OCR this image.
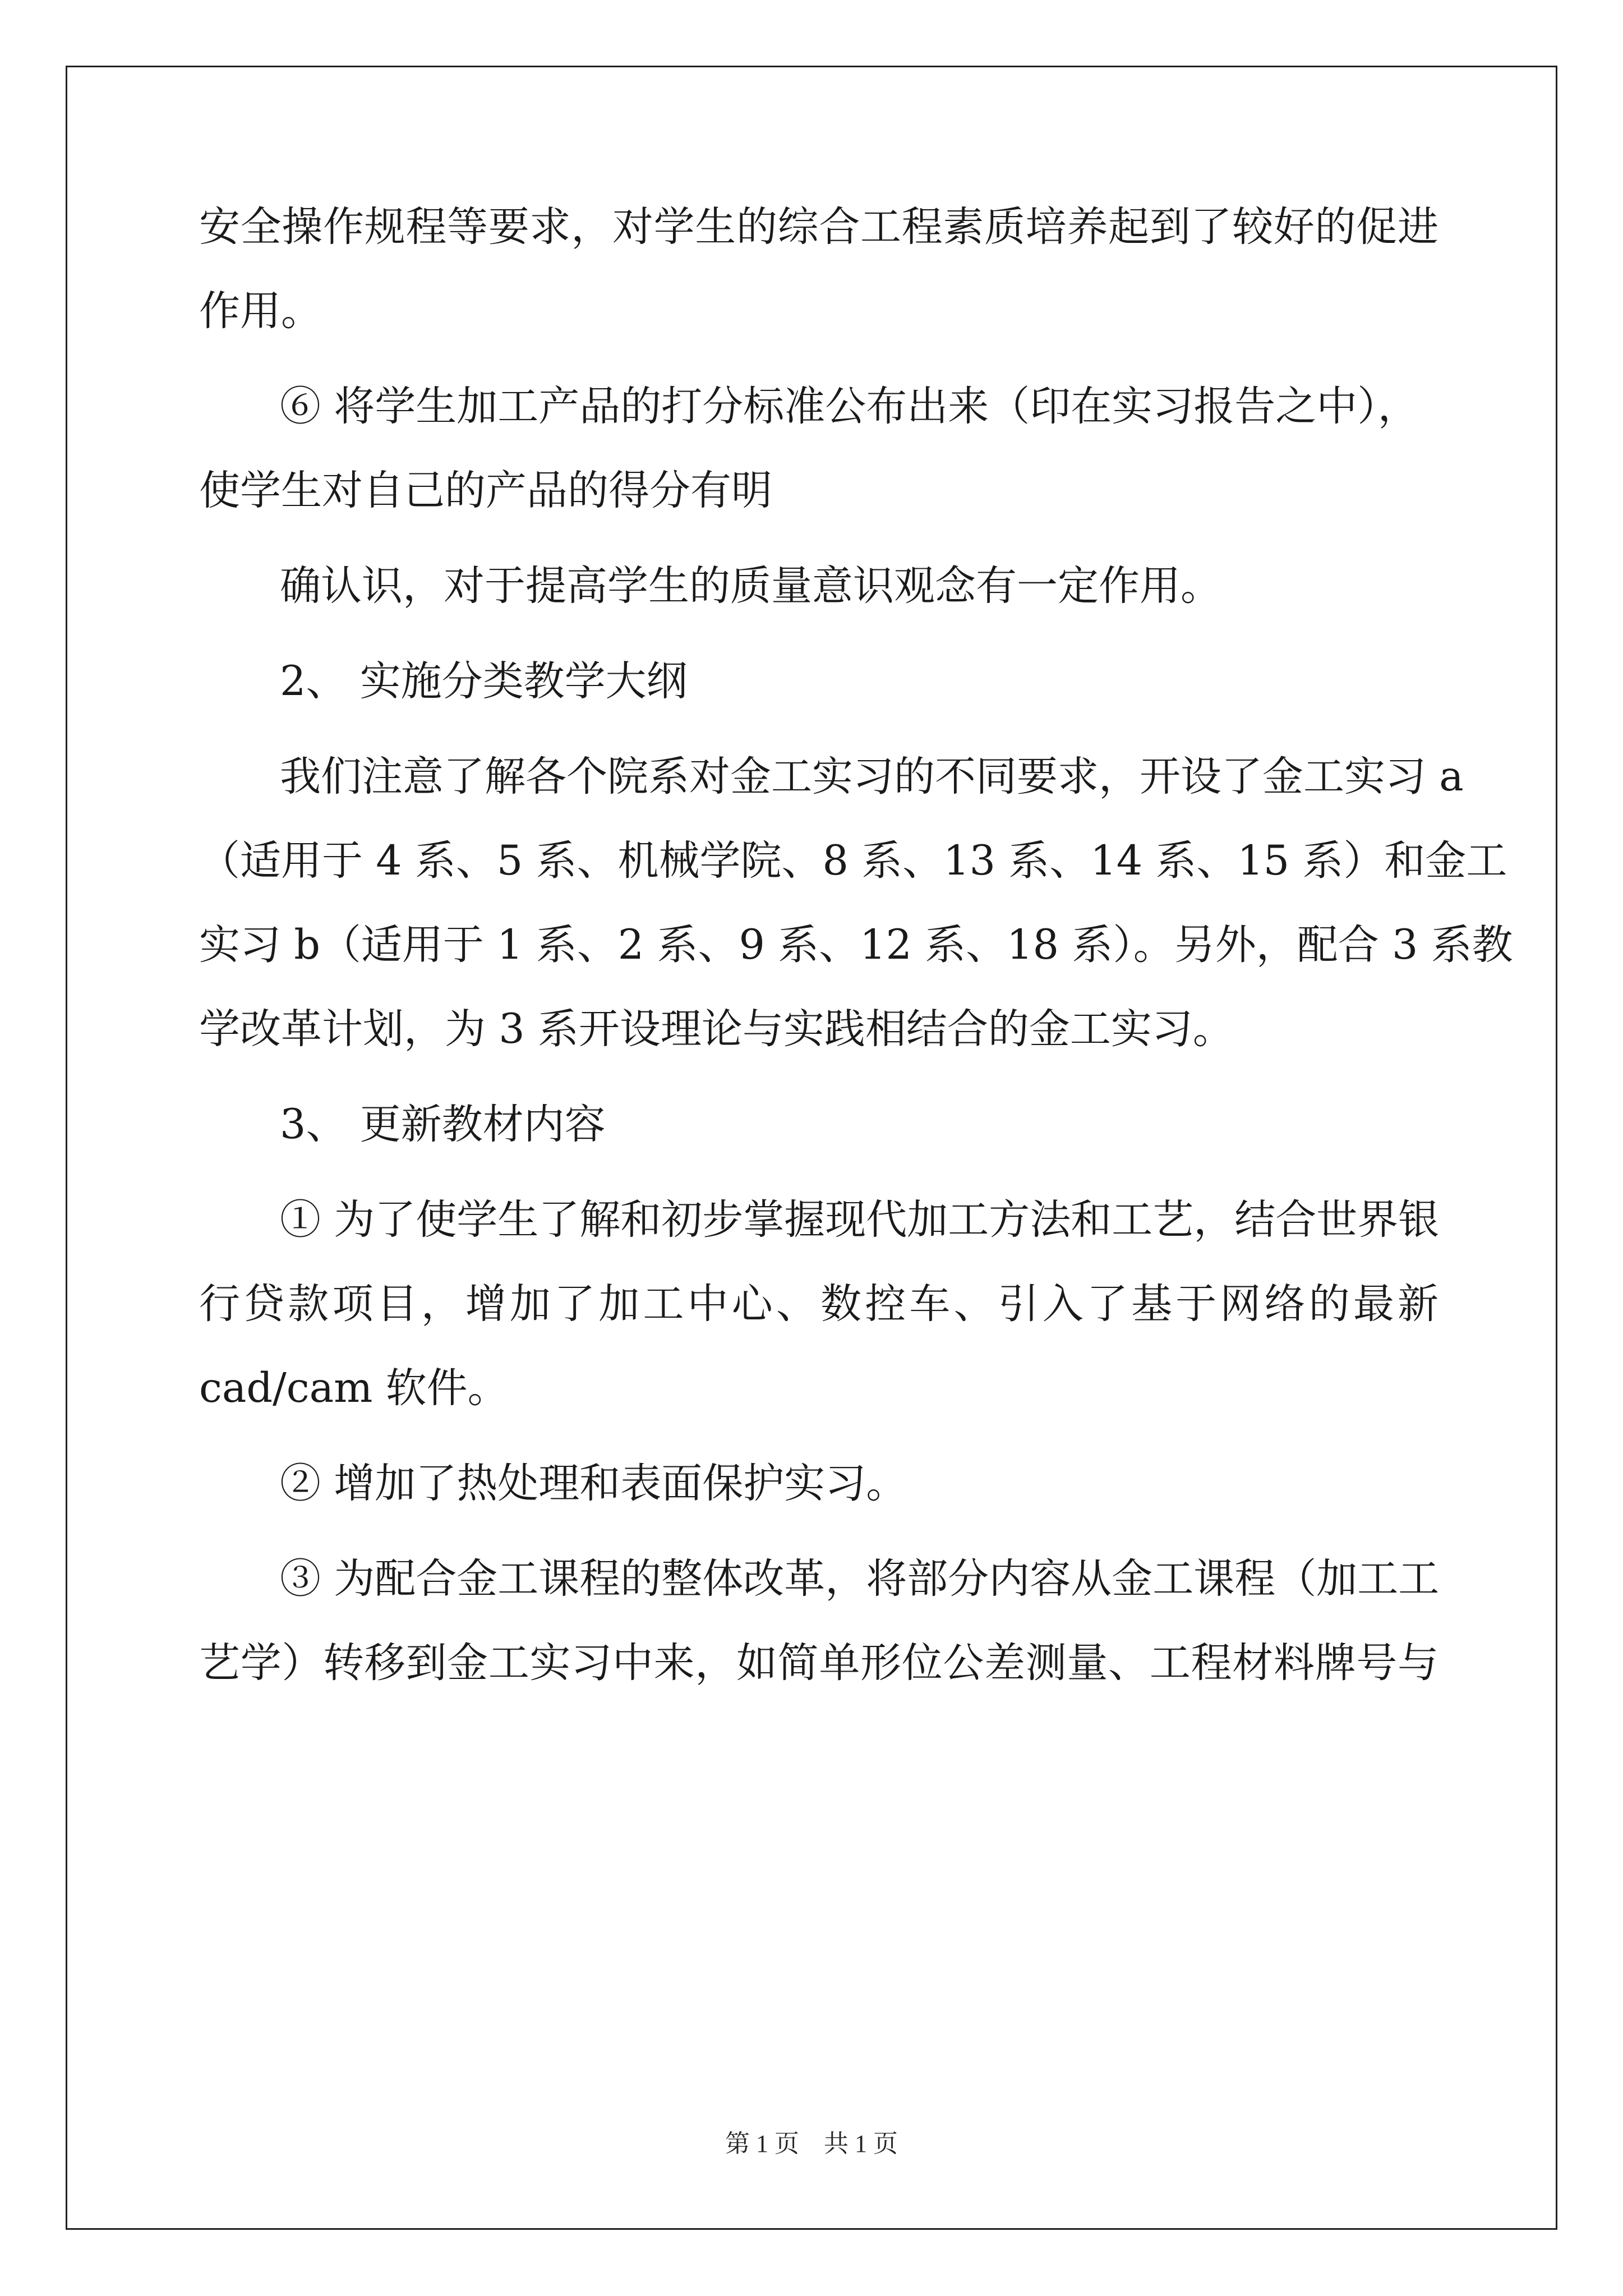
安全操作规程等要求，对学生的综合工程素质培养起到了较好的促进
作用。
⑥ 将学生加工产品的打分标准公布出来（印在实习报告之中），
使学生对自己的产品的得分有明
确认识，对于提高学生的质量意识观念有一定作用。
2、 实施分类教学大纲
我们注意了解各个院系对金工实习的不同要求，开设了金工实习 a
（适用于 4 系、5 系、机械学院、8 系、13 系、14 系、15 系）和金工
实习 b（适用于 1 系、2 系、9 系、12 系、18 系）。另外，配合 3 系教
学改革计划，为 3 系开设理论与实践相结合的金工实习。
3、 更新教材内容
① 为了使学生了解和初步掌握现代加工方法和工艺，结合世界银
行贷款项目，增加了加工中心、数控车、引入了基于网络的最新
cad/cam 软件。
② 增加了热处理和表面保护实习。
③ 为配合金工课程的整体改革，将部分内容从金工课程（加工工
艺学）转移到金工实习中来，如简单形位公差测量、工程材料牌号与
第 1 页　共 1 页
